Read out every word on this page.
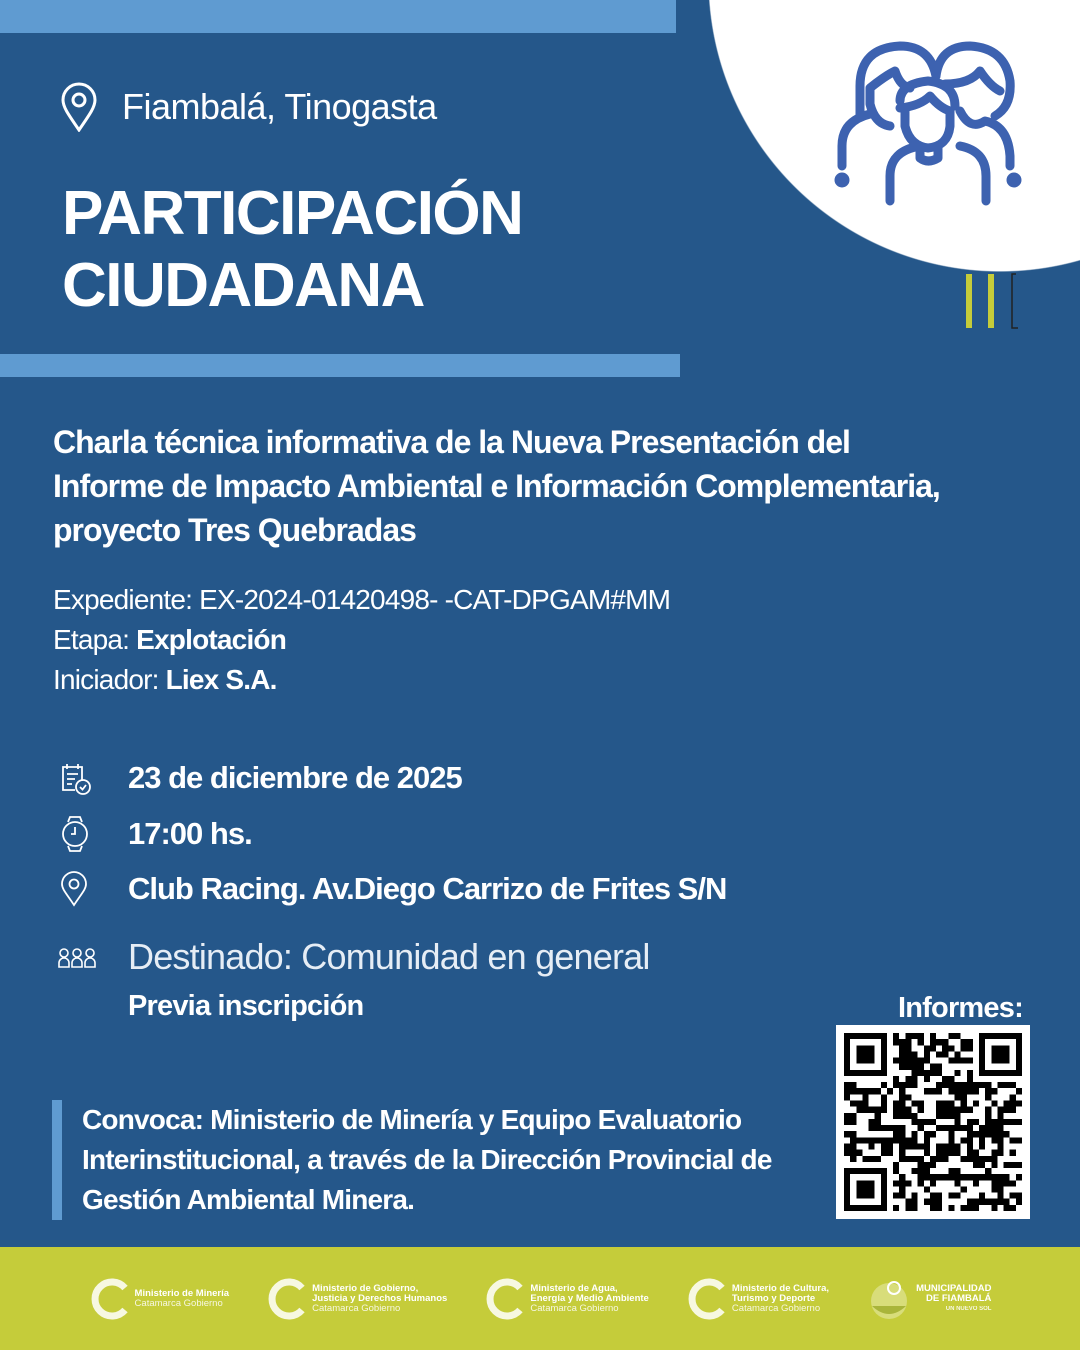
Fiambalá, Tinogasta
PARTICIPACIÓN
CIUDADANA
Charla técnica informativa de la Nueva Presentación del Informe de Impacto Ambiental e Información Complementaria, proyecto Tres Quebradas
Expediente: EX-2024-01420498- -CAT-DPGAM#MM
Etapa: Explotación
Iniciador: Liex S.A.
23 de diciembre de 2025
17:00 hs.
Club Racing. Av.Diego Carrizo de Frites S/N
Destinado: Comunidad en general
Previa inscripción	Informes:
Convoca: Ministerio de Minería y Equipo Evaluatorio Interinstitucional, a través de la Dirección Provincial de Gestión Ambiental Minera.
Ministerio de Minería
Catamarca Gobierno
Ministerio de Gobierno,
Justicia y Derechos Humanos
Catamarca Gobierno
Ministerio de Agua,
Energía y Medio Ambiente
Catamarca Gobierno
Ministerio de Cultura,
Turismo y Deporte
Catamarca Gobierno
MUNICIPALIDAD
DE FIAMBALÁ
UN NUEVO SOL
